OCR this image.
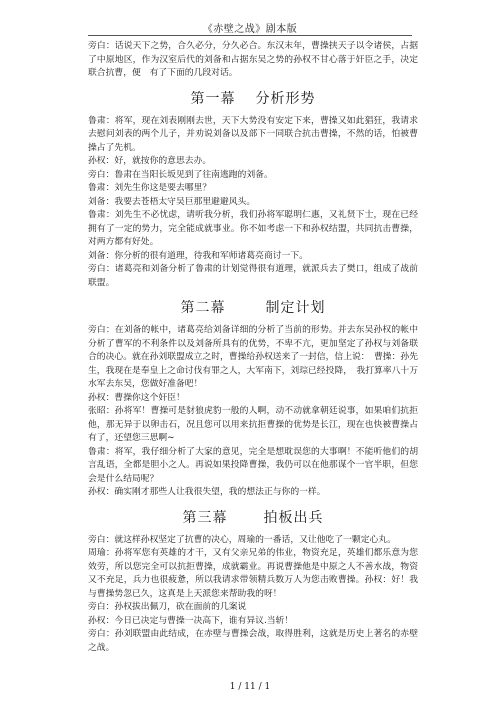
《赤壁之战》剧本版

旁白：话说天下之势，合久必分，分久必合。东汉末年，曹操挟天子以令诸侯，占据了中原地区，作为汉室后代的刘备和占据东吴之势的孙权不甘心落于奸臣之手，决定联合抗曹，便　有了下面的几段对话。

第一幕 分析形势

鲁肃：将军，现在刘表刚刚去世，天下大势没有安定下来，曹操又如此猖狂，我请求去慰问刘表的两个儿子，并劝说刘备以及部下一同联合抗击曹操，不然的话，怕被曹操占了先机。

孙权：好，就按你的意思去办。

旁白：鲁肃在当阳长坂见到了往南逃跑的刘备。

鲁肃：刘先生你这是要去哪里？

刘备：我要去苍梧太守吴巨那里避避风头。

鲁肃：刘先生不必忧虑，请听我分析，我们孙将军聪明仁惠，又礼贤下士，现在已经拥有了一定的势力，完全能成就事业。你不如考虑一下和孙权结盟，共同抗击曹操，对两方都有好处。

刘备：你分析的很有道理，待我和军师诸葛亮商讨一下。

旁白：诸葛亮和刘备分析了鲁肃的计划觉得很有道理，就派兵去了樊口，组成了战前联盟。

第二幕	制定计划

旁白：在刘备的帐中，诸葛亮给刘备详细的分析了当前的形势。并去东吴孙权的帐中分析了曹军的不利条件以及刘备所具有的优势，不卑不亢，更加坚定了孙权与刘备联合的决心。就在孙刘联盟成立之时，曹操给孙权送来了一封信，信上说：　曹操：孙先生，我现在是奉皇上之命讨伐有罪之人，大军南下，刘琮已经投降，　我打算率八十万水军去东吴，您做好准备吧！

孙权：曹操你这个奸臣！

张昭：孙将军！曹操可是豺狼虎豹一般的人啊，动不动就拿朝廷说事，如果咱们抗拒他，那无异于以卵击石，况且您可以用来抗拒曹操的优势是长江，现在也快被曹操占有了，还望您三思啊~

鲁肃：将军，我仔细分析了大家的意见，完全是想耽误您的大事啊！不能听他们的胡言乱语，全都是胆小之人。再说如果投降曹操，我仍可以在他那谋个一官半职，但您会是什么结局呢？

孙权：确实刚才那些人让我很失望，我的想法正与你的一样。

第三幕	拍板出兵

旁白：就这样孙权坚定了抗曹的决心，周瑜的一番话，又让他吃了一颗定心丸。

周瑜：孙将军您有英雄的才干，又有父亲兄弟的伟业，物资充足，英雄们都乐意为您效劳，所以您完全可以抗拒曹操，成就霸业。再说曹操他是中原之人不善水战，物资又不充足，兵力也很疲惫，所以我请求带领精兵数万人为您击败曹操。孙权：好！我与曹操势忽已久，这真是上天派您来帮助我的呀！

旁白：孙权拔出佩刀，砍在面前的几案说

孙权：今日已决定与曹操一决高下，谁有异议.当斩！

旁白：孙刘联盟由此结成，在赤壁与曹操会战，取得胜利，这就是历史上著名的赤壁之战。

1 / 11 / 1
